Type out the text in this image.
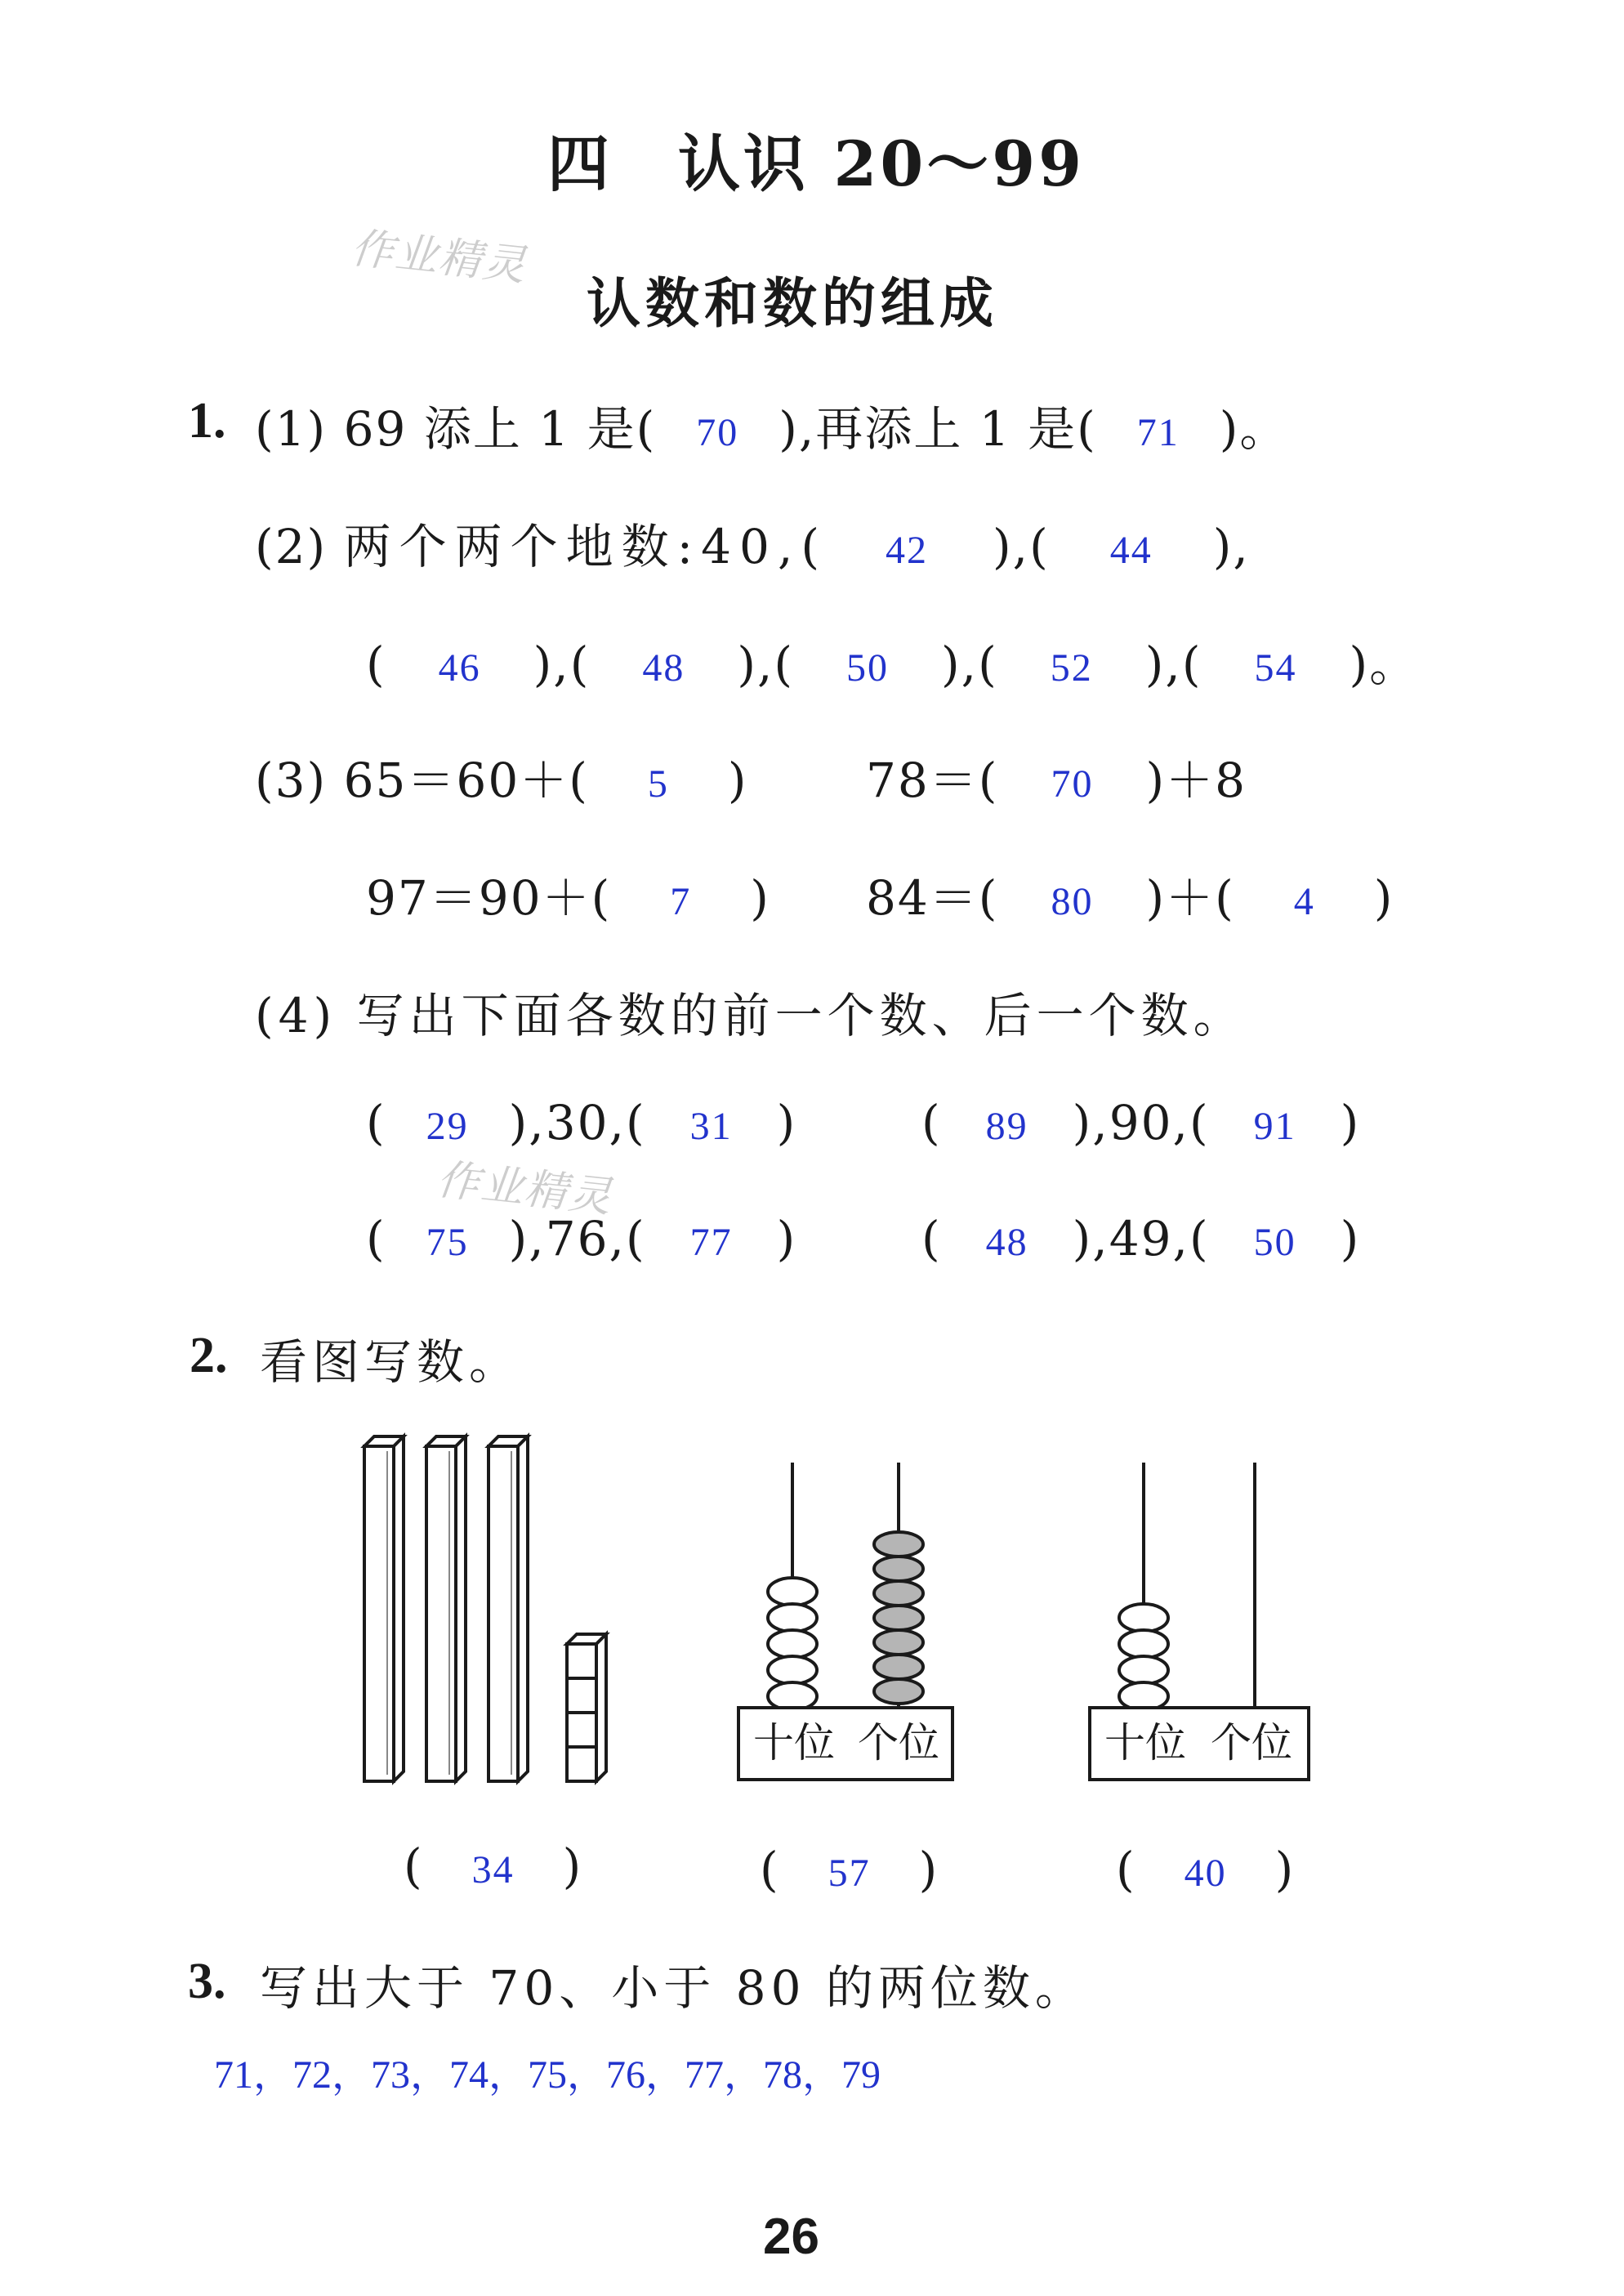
四　认识 20～99
认数和数的组成
作业精灵
作业精灵
1. (1) 69 添上 1 是( 70 ),再添上 1 是( 71 )。
(2) 两个两个地数:40,( 42 ),( 44 ),
( 46 ),( 48 ),( 50 ),( 52 ),( 54 )。
(3) 65＝60＋( 5 ) 78＝( 70 )＋8
97＝90＋( 7 ) 84＝( 80 )＋( 4 )
(4) 写出下面各数的前一个数、后一个数。
( 29 ),30,( 31 )	( 89 ),90,( 91 )
( 75 ),76,( 77 )	( 48 ),49,( 50 )
2. 看图写数。
十位 个位	十位 个位
( 34 )	( 57 )	( 40 )
3. 写出大于 70、小于 80 的两位数。
71，72，73，74，75，76，77，78，79
26
